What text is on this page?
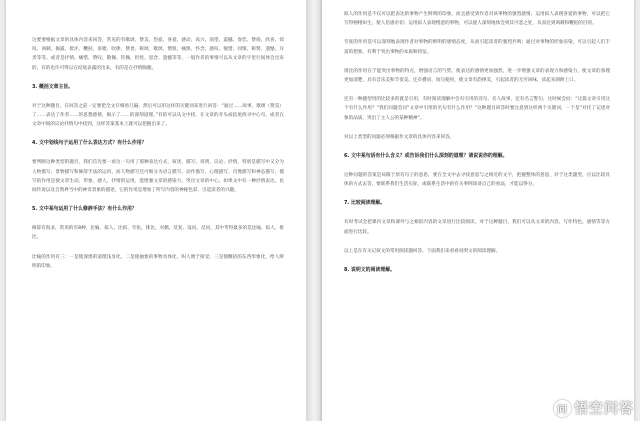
这要要根据文章的具体内容来回答，常见的有歌颂、赞美、热爱、喜爱、感动、高兴、渴望、震撼、眷恋、赞扬、欣喜、惊叹、讽刺、揭露、批评、鞭挞、讴歌、吹捧、赞誉、称颂、歌颂、憎恨、痛恨、怀念、感叹、惋惜、同情、称赞、遗憾、斥责等等。或者是抒情、痛惜、赞叹、敬佩、钦佩、担忧、思念、遗憾等等，一般作者的事情可以从文章的字里行间体会出来的，有的也许可得以在结尾表露的出来，有的是在抒情胸臆。

3. 概括文章主旨。

对于这种题目，在回答之前一定要把全文仔细看几遍，然后可以用这样的关键词来进行回答：“通过……故事，歌颂（赞美）了……表达了作者……的思想感情，揭示了……的深刻道理。”有的可以从文中找，在文章的开头或结尾找寻中心句，或者在文章中间的议论抒情句中找到，这样答案基本上就可以把握出来了。

4. 文中划线句子运用了什么表达方式？有什么作用？

要判断这种类型的题目，我们首先要一看这一句用了那种表达方式，叙述、描写、说明、议论、抒情，特别是描写中又分为人物描写、景物描写和修辞手法的运用，而人物描写还可细分为语言描写、动作描写、心理描写、肖像描写和神态描写，描写的作用是使文章生动、形象、感人、抒情的运用，能增强文章的感染力，突出文章的中心。如果文中有一种抒情表达，民间传说以及自然界当中的神奇景象的描述，它的作用是增加了所写内容的神秘色彩，引起读者的兴趣。

5. 文中某句运用了什么修辞手法？有什么作用？

修辞有很多，常用的有8种，比喻、拟人、比拟、夸张、排比、对偶、反复、设问、反问，其中考得最多的是比喻、拟人、排比。

比喻的作用有三：一是使深奥的道理浅显化，二是使抽象的事物具体化，叫人便于接受；三是使概括的东西形象化，给人鲜明的印象。

拟人的作用是不仅可以把表达的事物产生鲜明的印象，而且感受到作者对该事物的强烈感情。运用拟人表现喜爱的事物，可以把它写得栩栩如生，使人倍感亲切；运用拟人表现憎恶的事物，可以使人深刻地体会到其可恶之处，从而达到讽刺和鞭挞的目的。

夸张的作用是可以深刻地表现作者对事物的鲜明的感情态度，从而引起读者的强烈共鸣；通过对事物的形象渲染，可以引起人们丰富的想象，有利于突出事物的本质和特征。

排比的作用在于能突出事物的特点，增强语言的气势，使表达的感情更加强烈，进一步增强文章的表现力和感染力，使文章的条理更加清楚，具有音乐美和节奏美。还有叠词、短句使用，使文章有韵律美，引起读者的无穷回味，读起来朗朗上口。

还有一种题型用的比较多的就是引用，有时阅读理解中会有引用的诗句、名人故事，还有名言警句，这时候会问：“这篇文章引用这个有什么作用？”我们问题会问“文章中引用的名句有什么作用？”这种题目回答时要注意到这样两个关键词，一个是“对托了记述对象的品质，突出了主人公的某种精神”。

对以上类型的问题必须根据作文章的具体内容来回答。

6. 文中某句话有什么含义？或告诉我们什么深刻的道理？请说说你的理解。

这种问题的答案是局限于原有句子的意思，要在全文中去寻找意思与之相近的文字，把握整体的意思，对于这类题型，应以比较具体的方式去答，要联系我们生活实际，或联系生活中的有关事例谈谈自己的看法，才能以得分。

7. 比较阅读理解。

有时考试会把课内文章和课外与之相似内容的文章进行比较阅读，对于这种题目，我们可以从文章的内容、写作特色、感情等等方面进行比较。

以上是在有关记叙文的常用阅读题回答，下面我们来看看说明文的阅读理解。

8. 说明文的阅读理解。
问 悟空问答
